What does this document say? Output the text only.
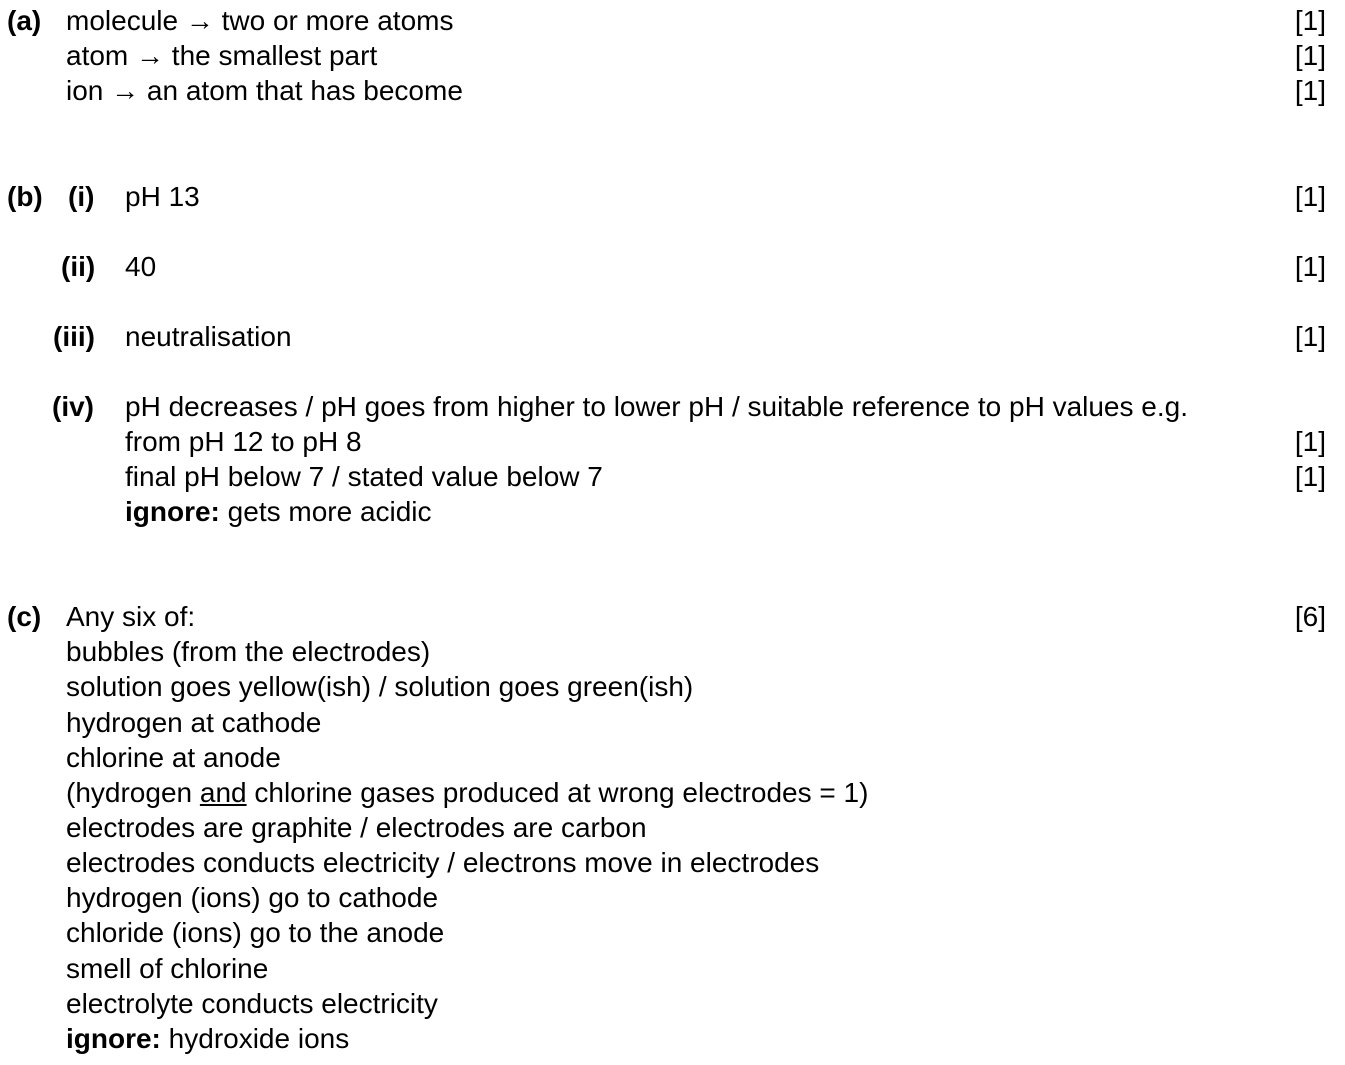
(a) molecule → two or more atoms	[1]
atom → the smallest part	[1]
ion → an atom that has become	[1]
(b) (i) pH 13	[1]
(ii) 40	[1]
(iii) neutralisation	[1]
(iv) pH decreases / pH goes from higher to lower pH / suitable reference to pH values e.g.
from pH 12 to pH 8	[1]
final pH below 7 / stated value below 7	[1]
ignore: gets more acidic
(c) Any six of:	[6]
bubbles (from the electrodes)
solution goes yellow(ish) / solution goes green(ish)
hydrogen at cathode
chlorine at anode
(hydrogen and chlorine gases produced at wrong electrodes = 1)
electrodes are graphite / electrodes are carbon
electrodes conducts electricity / electrons move in electrodes
hydrogen (ions) go to cathode
chloride (ions) go to the anode
smell of chlorine
electrolyte conducts electricity
ignore: hydroxide ions
